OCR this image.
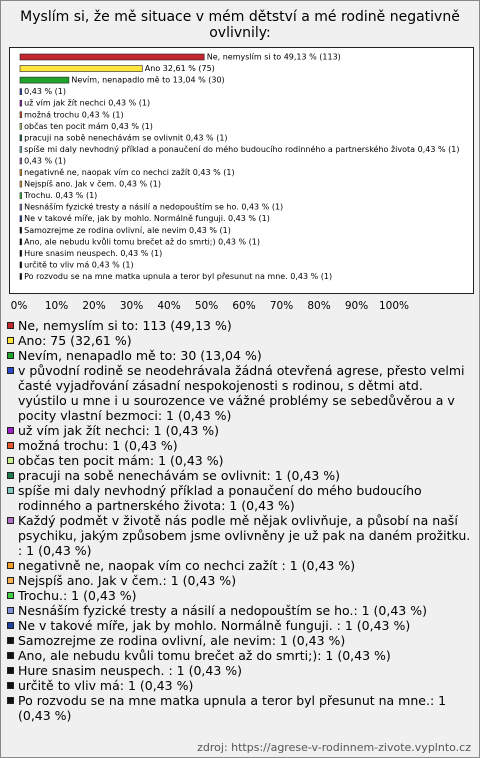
Myslím si, že mě situace v mém dětství a mé rodině negativně ovlivnily:
Ne, nemyslím si to 49,13 % (113)
Ano 32,61 % (75)
Nevím, nenapadlo mě to 13,04 % (30)
0,43 % (1)
už vím jak žít nechci 0,43 % (1)
možná trochu 0,43 % (1)
občas ten pocit mám 0,43 % (1)
pracuji na sobě nenechávám se ovlivnit 0,43 % (1)
spíše mi daly nevhodný příklad a ponaučení do mého budoucího rodinného a partnerského života 0,43 % (1)
0,43 % (1)
negativně ne, naopak vím co nechci zažít 0,43 % (1)
Nejspíš ano. Jak v čem. 0,43 % (1)
Trochu. 0,43 % (1)
Nesnáším fyzické tresty a násilí a nedopouštím se ho. 0,43 % (1)
Ne v takové míře, jak by mohlo. Normálně funguji. 0,43 % (1)
Samozrejme ze rodina ovlivní, ale nevim 0,43 % (1)
Ano, ale nebudu kvůli tomu brečet až do smrti;) 0,43 % (1)
Hure snasim neuspech. 0,43 % (1)
určitě to vliv má 0,43 % (1)
Po rozvodu se na mne matka upnula a teror byl přesunut na mne. 0,43 % (1)
0% 10% 20% 30% 40% 50% 60% 70% 80% 90% 100%
Ne, nemyslím si to: 113 (49,13 %)
Ano: 75 (32,61 %)
Nevím, nenapadlo mě to: 30 (13,04 %)
v původní rodině se neodehrávala žádná otevřená agrese, přesto velmi časté vyjadřování zásadní nespokojenosti s rodinou, s dětmi atd. vyústilo u mne i u sourozence ve vážné problémy se sebedůvěrou a v pocity vlastní bezmoci: 1 (0,43 %)
už vím jak žít nechci: 1 (0,43 %)
možná trochu: 1 (0,43 %)
občas ten pocit mám: 1 (0,43 %)
pracuji na sobě nenechávám se ovlivnit: 1 (0,43 %)
spíše mi daly nevhodný příklad a ponaučení do mého budoucího rodinného a partnerského života: 1 (0,43 %)
Každý podmět v životě nás podle mě nějak ovlivňuje, a působí na naší psychiku, jakým způsobem jsme ovlivněny je už pak na daném prožitku. : 1 (0,43 %)
negativně ne, naopak vím co nechci zažít : 1 (0,43 %)
Nejspíš ano. Jak v čem.: 1 (0,43 %)
Trochu.: 1 (0,43 %)
Nesnáším fyzické tresty a násilí a nedopouštím se ho.: 1 (0,43 %)
Ne v takové míře, jak by mohlo. Normálně funguji. : 1 (0,43 %)
Samozrejme ze rodina ovlivní, ale nevim: 1 (0,43 %)
Ano, ale nebudu kvůli tomu brečet až do smrti;): 1 (0,43 %)
Hure snasim neuspech. : 1 (0,43 %)
určitě to vliv má: 1 (0,43 %)
Po rozvodu se na mne matka upnula a teror byl přesunut na mne.: 1 (0,43 %)
zdroj: https://agrese-v-rodinnem-zivote.vyplnto.cz
